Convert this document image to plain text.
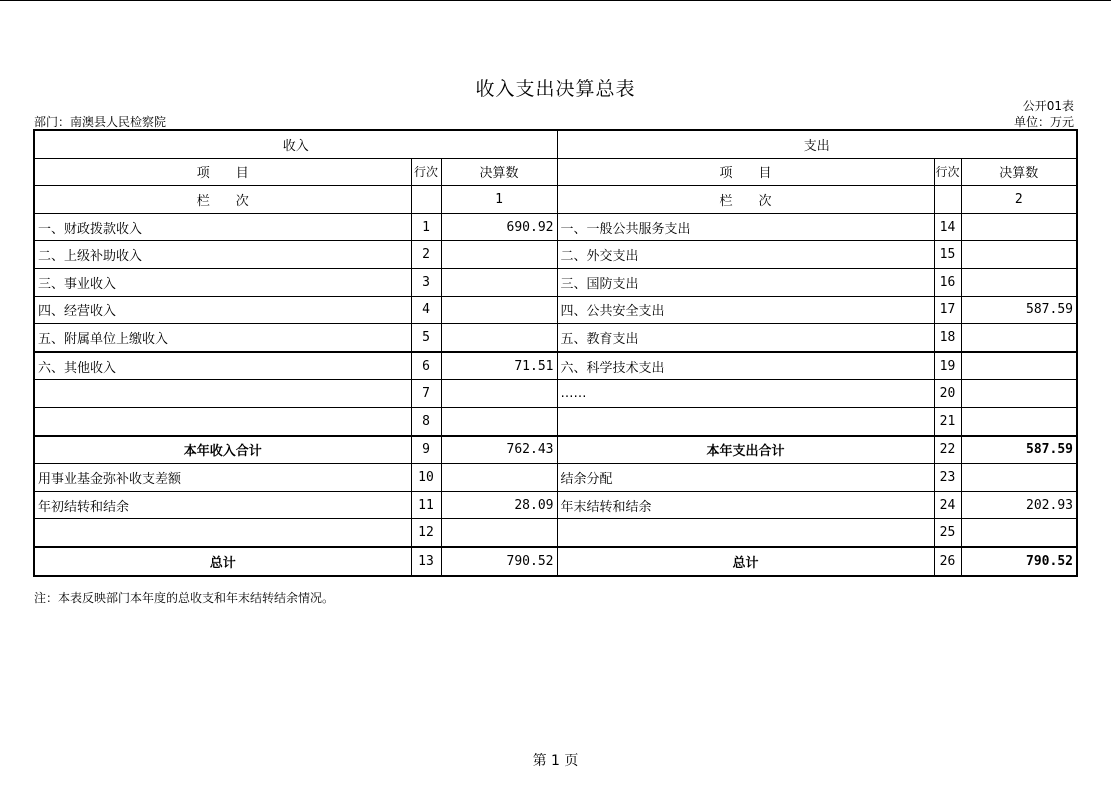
收入支出决算总表
公开01表
部门：南澳县人民检察院	单位：万元
收入			支出		
项　　目	行次	决算数	项　　目	行次	决算数
栏　　次		1	栏　　次		2
一、财政拨款收入	1	690.92	一、一般公共服务支出	14	
二、上级补助收入	2		二、外交支出	15	
三、事业收入	3		三、国防支出	16	
四、经营收入	4		四、公共安全支出	17	587.59
五、附属单位上缴收入	5		五、教育支出	18	
六、其他收入	6	71.51	六、科学技术支出	19	
	7		……	20	
	8			21	
本年收入合计	9	762.43	本年支出合计	22	587.59
用事业基金弥补收支差额	10		结余分配	23	
年初结转和结余	11	28.09	年末结转和结余	24	202.93
	12			25	
总计	13	790.52	总计	26	790.52
注：本表反映部门本年度的总收支和年末结转结余情况。
第 1 页
